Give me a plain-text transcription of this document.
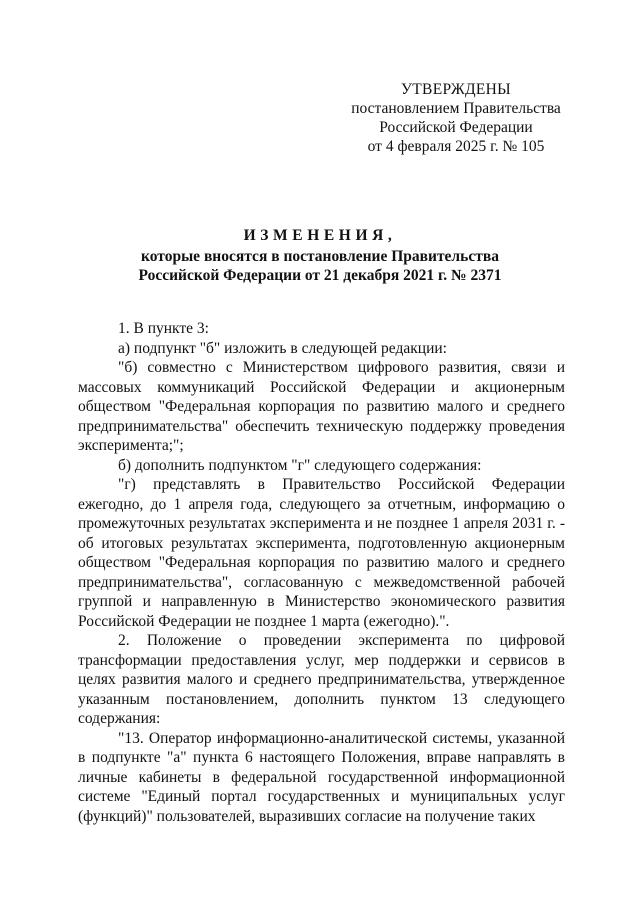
УТВЕРЖДЕНЫ
постановлением Правительства
Российской Федерации
от 4 февраля 2025 г. № 105
ИЗМЕНЕНИЯ,
которые вносятся в постановление Правительства
Российской Федерации от 21 декабря 2021 г. № 2371

1. В пункте 3:

а) подпункт "б" изложить в следующей редакции:

"б) совместно с Министерством цифрового развития, связи и массовых коммуникаций Российской Федерации и акционерным обществом "Федеральная корпорация по развитию малого и среднего предпринимательства" обеспечить техническую поддержку проведения эксперимента;";

б) дополнить подпунктом "г" следующего содержания:

"г) представлять в Правительство Российской Федерации ежегодно, до 1 апреля года, следующего за отчетным, информацию о промежуточных результатах эксперимента и не позднее 1 апреля 2031 г. - об итоговых результатах эксперимента, подготовленную акционерным обществом "Федеральная корпорация по развитию малого и среднего предпринимательства", согласованную с межведомственной рабочей группой и направленную в Министерство экономического развития Российской Федерации не позднее 1 марта (ежегодно).".

2. Положение о проведении эксперимента по цифровой трансформации предоставления услуг, мер поддержки и сервисов в целях развития малого и среднего предпринимательства, утвержденное указанным постановлением, дополнить пунктом 13 следующего содержания:

"13. Оператор информационно-аналитической системы, указанной в подпункте "а" пункта 6 настоящего Положения, вправе направлять в личные кабинеты в федеральной государственной информационной системе "Единый портал государственных и муниципальных услуг (функций)" пользователей, выразивших согласие на получение таких
